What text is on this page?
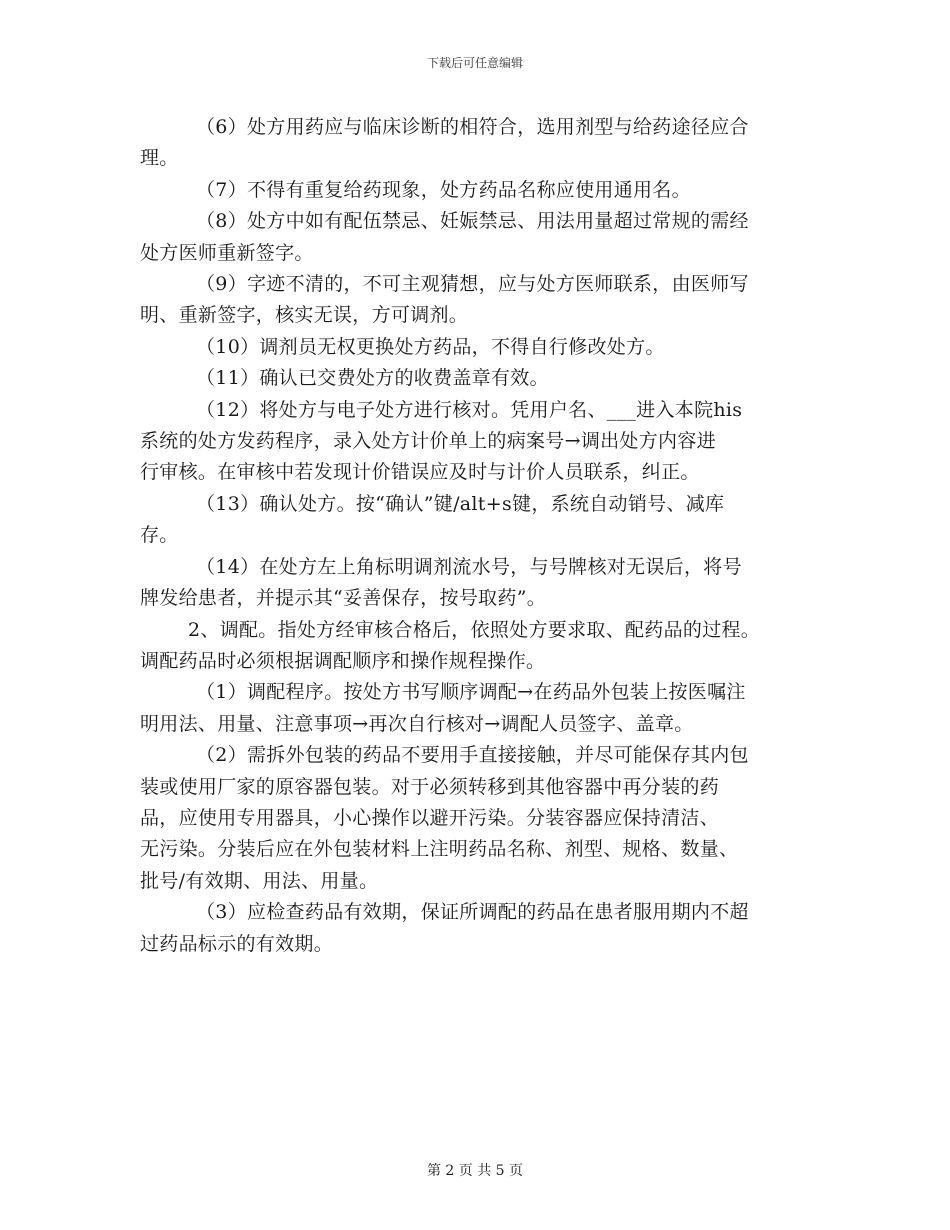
下载后可任意编辑
（6）处方用药应与临床诊断的相符合，选用剂型与给药途径应合
理。
（7）不得有重复给药现象，处方药品名称应使用通用名。
（8）处方中如有配伍禁忌、妊娠禁忌、用法用量超过常规的需经
处方医师重新签字。
（9）字迹不清的，不可主观猜想，应与处方医师联系，由医师写
明、重新签字，核实无误，方可调剂。
（10）调剂员无权更换处方药品，不得自行修改处方。
（11）确认已交费处方的收费盖章有效。
（12）将处方与电子处方进行核对。凭用户名、___进入本院his
系统的处方发药程序，录入处方计价单上的病案号→调出处方内容进
行审核。在审核中若发现计价错误应及时与计价人员联系，纠正。
（13）确认处方。按“确认”键/alt+s键，系统自动销号、减库
存。
（14）在处方左上角标明调剂流水号，与号牌核对无误后，将号
牌发给患者，并提示其“妥善保存，按号取药”。
2、调配。指处方经审核合格后，依照处方要求取、配药品的过程。
调配药品时必须根据调配顺序和操作规程操作。
（1）调配程序。按处方书写顺序调配→在药品外包装上按医嘱注
明用法、用量、注意事项→再次自行核对→调配人员签字、盖章。
（2）需拆外包装的药品不要用手直接接触，并尽可能保存其内包
装或使用厂家的原容器包装。对于必须转移到其他容器中再分装的药
品，应使用专用器具，小心操作以避开污染。分装容器应保持清洁、
无污染。分装后应在外包装材料上注明药品名称、剂型、规格、数量、
批号/有效期、用法、用量。
（3）应检查药品有效期，保证所调配的药品在患者服用期内不超
过药品标示的有效期。
第 2 页 共 5 页
